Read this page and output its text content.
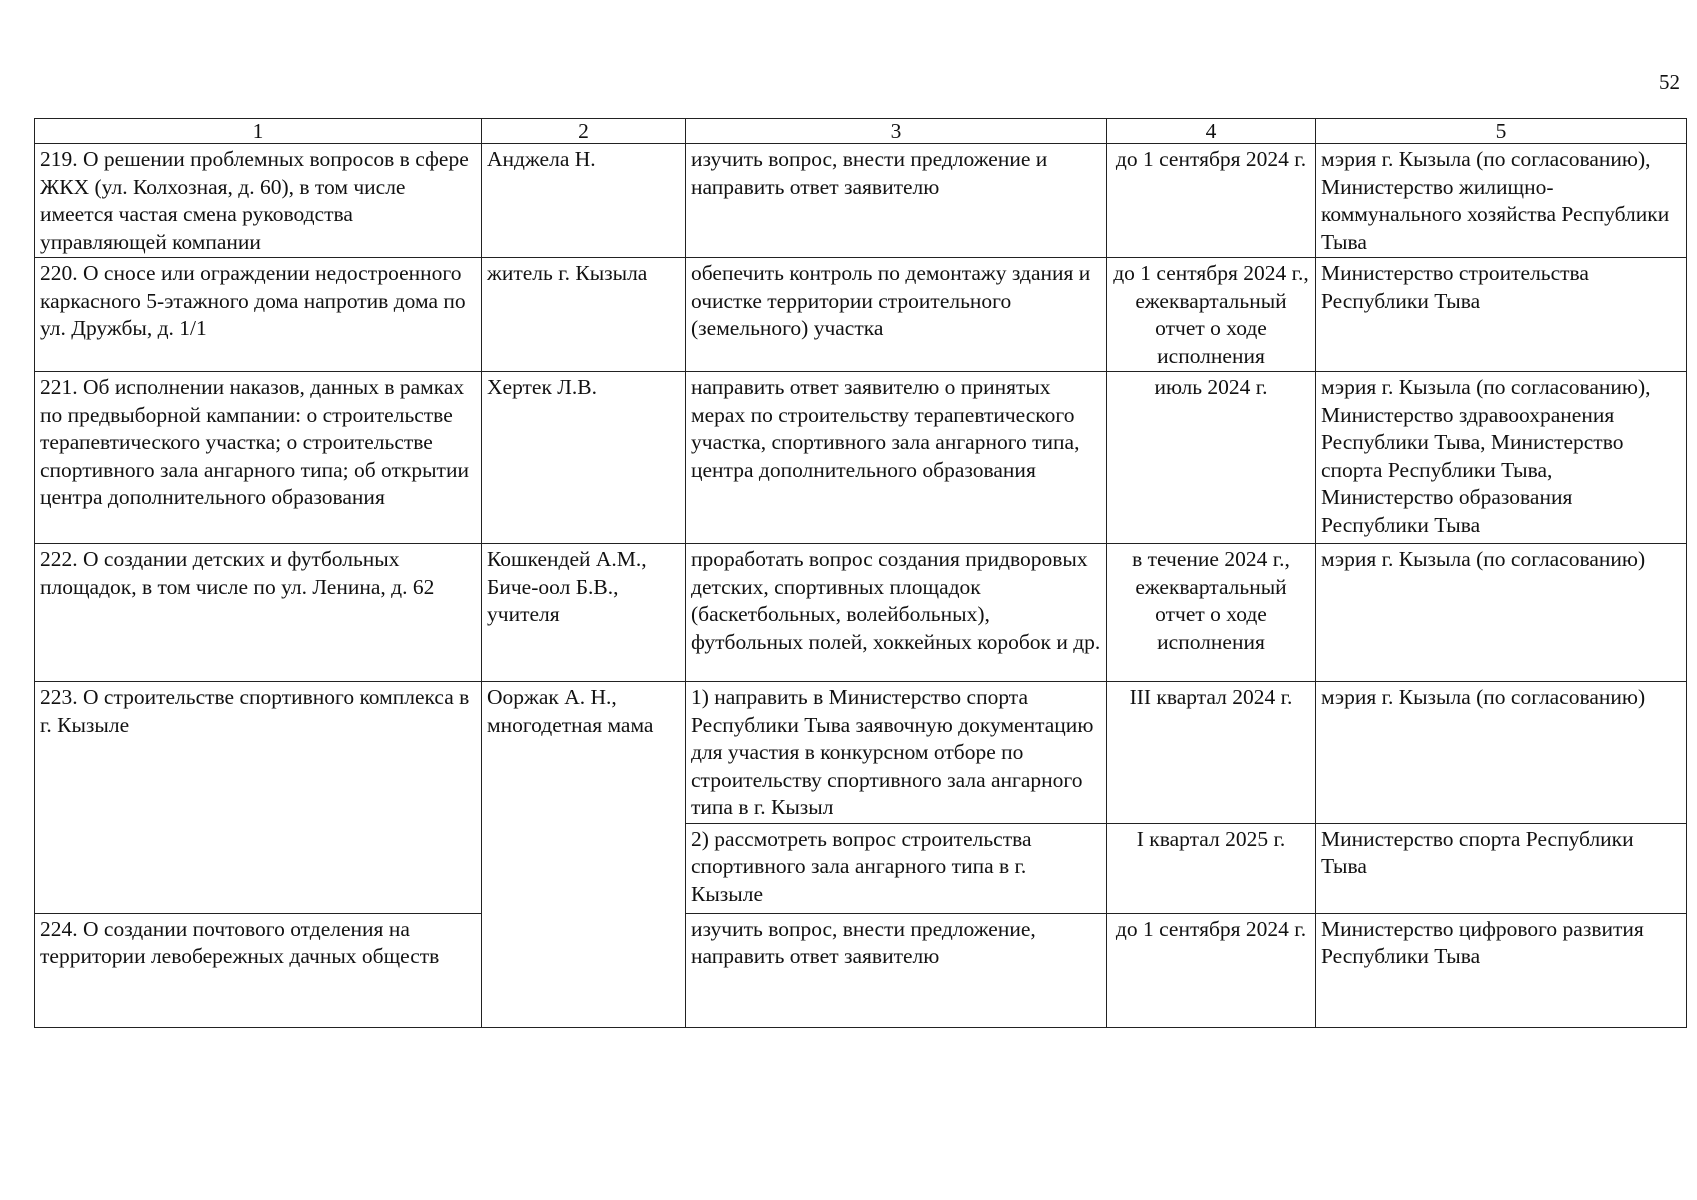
52
1	2	3	4	5
219. О решении проблемных вопросов в сфере ЖКХ (ул. Колхозная, д. 60), в том числе имеется частая смена руководства управляющей компании	Анджела Н.	изучить вопрос, внести предложение и направить ответ заявителю	до 1 сентября 2024 г.	мэрия г. Кызыла (по согласованию), Министерство жилищно-коммунального хозяйства Республики Тыва
220. О сносе или ограждении недостроенного каркасного 5-этажного дома напротив дома по ул. Дружбы, д. 1/1	житель г. Кызыла	обепечить контроль по демонтажу здания и очистке территории строительного (земельного) участка	до 1 сентября 2024 г., ежеквартальный отчет о ходе исполнения	Министерство строительства Республики Тыва
221. Об исполнении наказов, данных в рамках по предвыборной кампании: о строительстве терапевтического участка; о строительстве спортивного зала ангарного типа; об открытии центра дополнительного образования	Хертек Л.В.	направить ответ заявителю о принятых мерах по строительству терапевтического участка, спортивного зала ангарного типа, центра дополнительного образования	июль 2024 г.	мэрия г. Кызыла (по согласованию), Министерство здравоохранения Республики Тыва, Министерство спорта Республики Тыва, Министерство образования Республики Тыва
222. О создании детских и футбольных площадок, в том числе по ул. Ленина, д. 62	Кошкендей А.М., Биче-оол Б.В., учителя	проработать вопрос создания придворовых детских, спортивных площадок (баскетбольных, волейбольных), футбольных полей, хоккейных коробок и др.	в течение 2024 г., ежеквартальный отчет о ходе исполнения	мэрия г. Кызыла (по согласованию)
223. О строительстве спортивного комплекса в г. Кызыле	Ооржак А. Н., многодетная мама	1) направить в Министерство спорта Республики Тыва заявочную документацию для участия в конкурсном отборе по строительству спортивного зала ангарного типа в г. Кызыл	III квартал 2024 г.	мэрия г. Кызыла (по согласованию)
		2) рассмотреть вопрос строительства спортивного зала ангарного типа в г. Кызыле	I квартал 2025 г.	Министерство спорта Республики Тыва
224. О создании почтового отделения на территории левобережных дачных обществ		изучить вопрос, внести предложение, направить ответ заявителю	до 1 сентября 2024 г.	Министерство цифрового развития Республики Тыва
